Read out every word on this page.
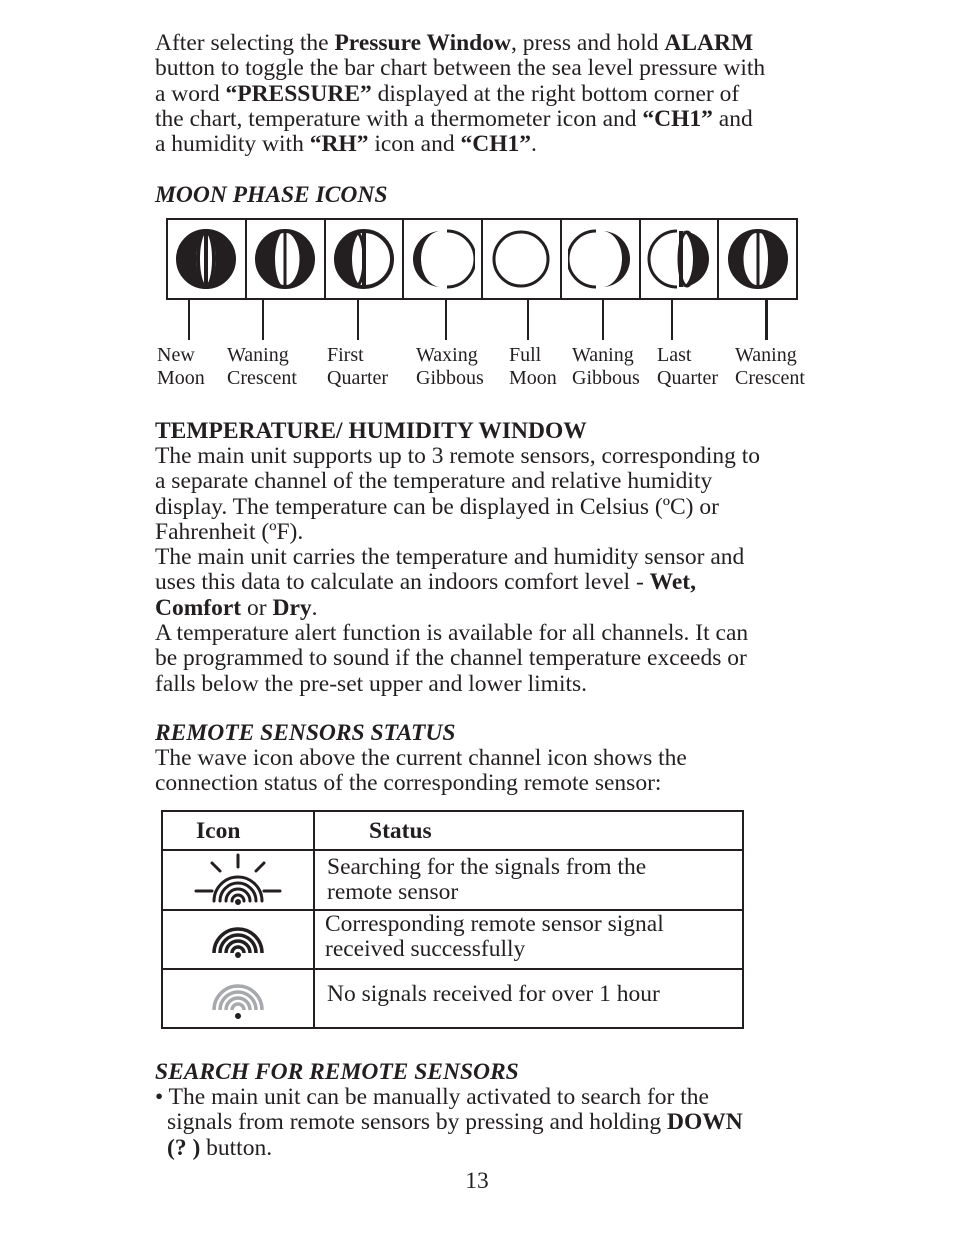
After selecting the Pressure Window, press and hold ALARM
button to toggle the bar chart between the sea level pressure with
a word “PRESSURE” displayed at the right bottom corner of
the chart, temperature with a thermometer icon and “CH1” and
a humidity with “RH” icon and “CH1”.

MOON PHASE ICONS
New
Moon
Waning
Crescent
First
Quarter
Waxing
Gibbous
Full
Moon
Waning
Gibbous
Last
Quarter
Waning
Crescent
TEMPERATURE/ HUMIDITY WINDOW

The main unit supports up to 3 remote sensors, corresponding to
a separate channel of the temperature and relative humidity
display. The temperature can be displayed in Celsius (ºC) or
Fahrenheit (ºF).
The main unit carries the temperature and humidity sensor and
uses this data to calculate an indoors comfort level - Wet,
Comfort or Dry.
A temperature alert function is available for all channels. It can
be programmed to sound if the channel temperature exceeds or
falls below the pre-set upper and lower limits.

REMOTE SENSORS STATUS

The wave icon above the current channel icon shows the
connection status of the corresponding remote sensor:

Icon	Status
Searching for the signals from the
remote sensor
Corresponding remote sensor signal
received successfully
No signals received for over 1 hour
SEARCH FOR REMOTE SENSORS

• The main unit can be manually activated to search for the
signals from remote sensors by pressing and holding DOWN
(? ) button.

13
